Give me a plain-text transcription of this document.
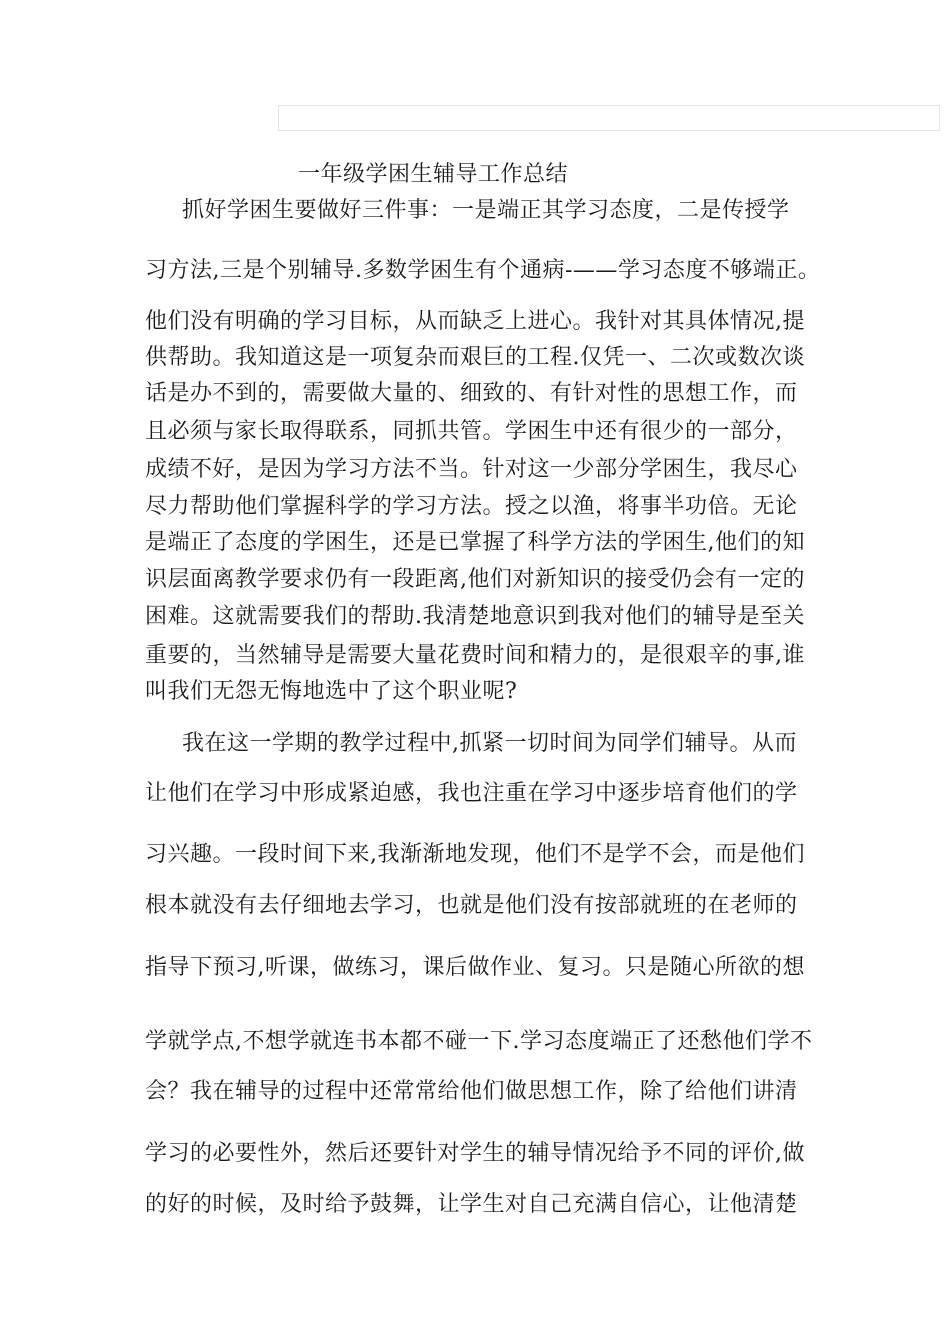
一年级学困生辅导工作总结
抓好学困生要做好三件事：一是端正其学习态度，二是传授学
习方法,三是个别辅导.多数学困生有个通病-——学习态度不够端正。
他们没有明确的学习目标，从而缺乏上进心。我针对其具体情况,提
供帮助。我知道这是一项复杂而艰巨的工程.仅凭一、二次或数次谈
话是办不到的，需要做大量的、细致的、有针对性的思想工作，而
且必须与家长取得联系，同抓共管。学困生中还有很少的一部分，
成绩不好，是因为学习方法不当。针对这一少部分学困生，我尽心
尽力帮助他们掌握科学的学习方法。授之以渔，将事半功倍。无论
是端正了态度的学困生，还是已掌握了科学方法的学困生,他们的知
识层面离教学要求仍有一段距离,他们对新知识的接受仍会有一定的
困难。这就需要我们的帮助.我清楚地意识到我对他们的辅导是至关
重要的，当然辅导是需要大量花费时间和精力的，是很艰辛的事,谁
叫我们无怨无悔地选中了这个职业呢?
我在这一学期的教学过程中,抓紧一切时间为同学们辅导。从而
让他们在学习中形成紧迫感，我也注重在学习中逐步培育他们的学
习兴趣。一段时间下来,我渐渐地发现，他们不是学不会，而是他们
根本就没有去仔细地去学习，也就是他们没有按部就班的在老师的
指导下预习,听课，做练习，课后做作业、复习。只是随心所欲的想
学就学点,不想学就连书本都不碰一下.学习态度端正了还愁他们学不
会？我在辅导的过程中还常常给他们做思想工作，除了给他们讲清
学习的必要性外，然后还要针对学生的辅导情况给予不同的评价,做
的好的时候，及时给予鼓舞，让学生对自己充满自信心，让他清楚
